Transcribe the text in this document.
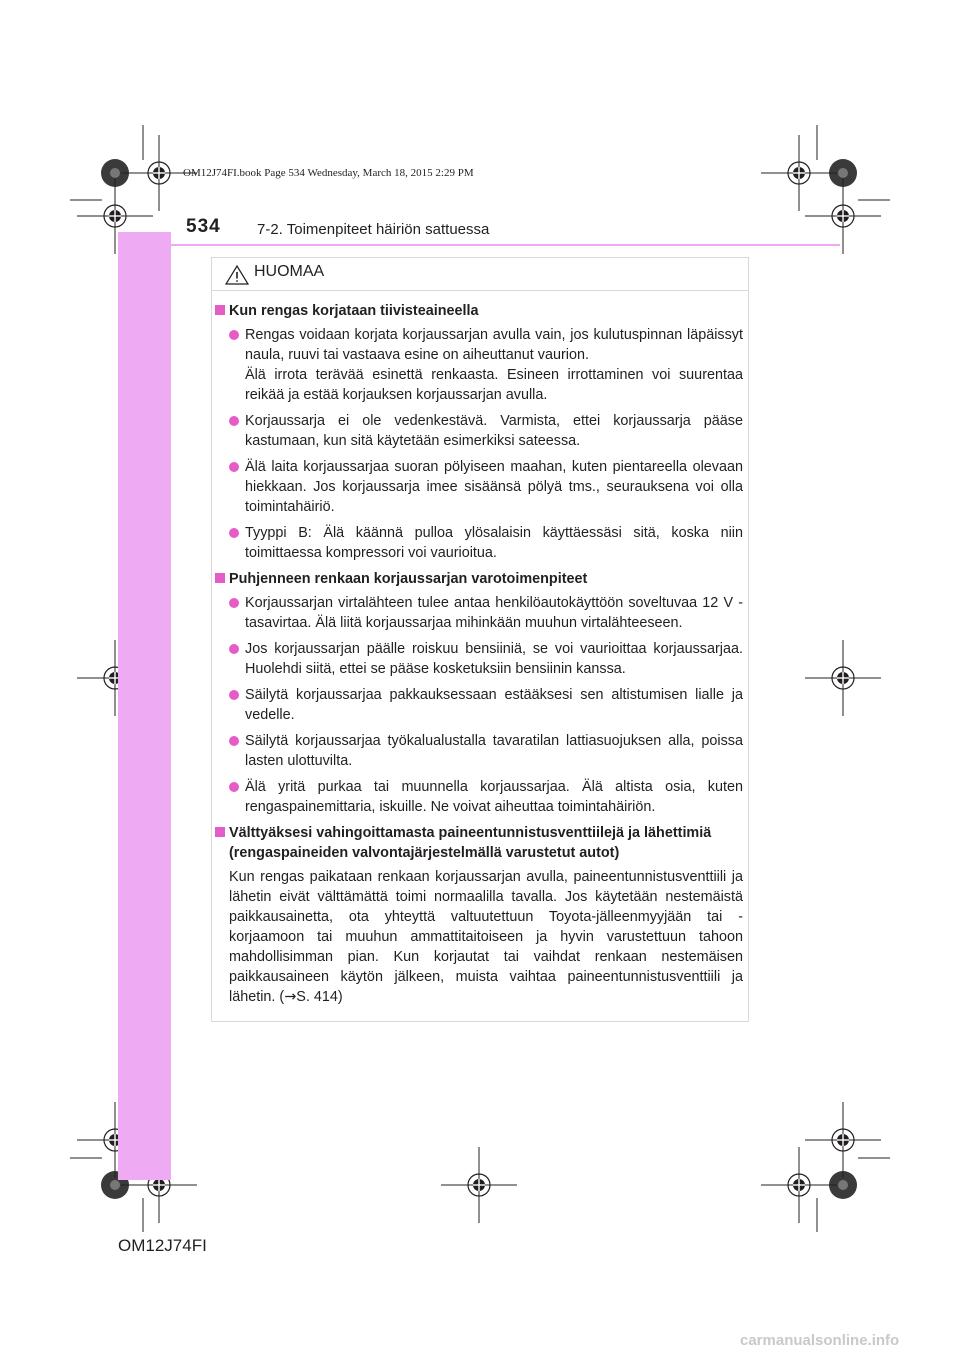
OM12J74FI.book Page 534 Wednesday, March 18, 2015 2:29 PM
534 7-2. Toimenpiteet häiriön sattuessa
HUOMAA
Kun rengas korjataan tiivisteaineella
Rengas voidaan korjata korjaussarjan avulla vain, jos kulutuspinnan läpäissyt naula, ruuvi tai vastaava esine on aiheuttanut vaurion.
Älä irrota terävää esinettä renkaasta. Esineen irrottaminen voi suurentaa reikää ja estää korjauksen korjaussarjan avulla.
Korjaussarja ei ole vedenkestävä. Varmista, ettei korjaussarja pääse kastumaan, kun sitä käytetään esimerkiksi sateessa.
Älä laita korjaussarjaa suoran pölyiseen maahan, kuten pientareella olevaan hiekkaan. Jos korjaussarja imee sisäänsä pölyä tms., seurauksena voi olla toimintahäiriö.
Tyyppi B: Älä käännä pulloa ylösalaisin käyttäessäsi sitä, koska niin toimittaessa kompressori voi vaurioitua.
Puhjenneen renkaan korjaussarjan varotoimenpiteet
Korjaussarjan virtalähteen tulee antaa henkilöautokäyttöön soveltuvaa 12 V -tasavirtaa. Älä liitä korjaussarjaa mihinkään muuhun virtalähteeseen.
Jos korjaussarjan päälle roiskuu bensiiniä, se voi vaurioittaa korjaussarjaa. Huolehdi siitä, ettei se pääse kosketuksiin bensiinin kanssa.
Säilytä korjaussarjaa pakkauksessaan estääksesi sen altistumisen lialle ja vedelle.
Säilytä korjaussarjaa työkalualustalla tavaratilan lattiasuojuksen alla, poissa lasten ulottuvilta.
Älä yritä purkaa tai muunnella korjaussarjaa. Älä altista osia, kuten rengaspainemittaria, iskuille. Ne voivat aiheuttaa toimintahäiriön.
Välttyäksesi vahingoittamasta paineentunnistusventtiilejä ja lähettimiä (rengaspaineiden valvontajärjestelmällä varustetut autot)
Kun rengas paikataan renkaan korjaussarjan avulla, paineentunnistusventtiili ja lähetin eivät välttämättä toimi normaalilla tavalla. Jos käytetään nestemäistä paikkausainetta, ota yhteyttä valtuutettuun Toyota-jälleenmyyjään tai -korjaamoon tai muuhun ammattitaitoiseen ja hyvin varustettuun tahoon mahdollisimman pian. Kun korjautat tai vaihdat renkaan nestemäisen paikkausaineen käytön jälkeen, muista vaihtaa paineentunnistusventtiili ja lähetin. (→S. 414)
OM12J74FI
carmanualsonline.info
